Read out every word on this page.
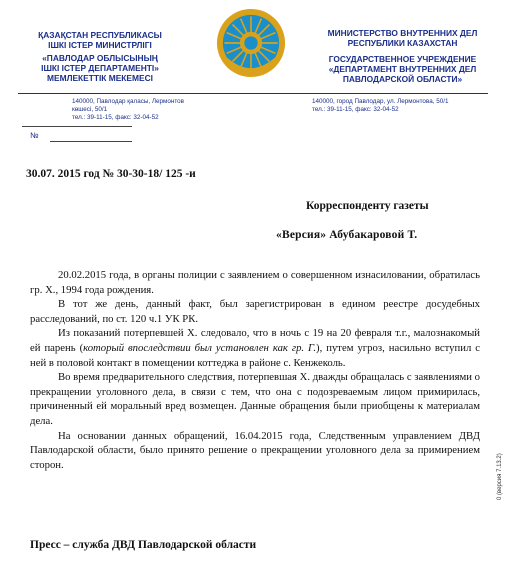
ҚАЗАҚСТАН РЕСПУБЛИКАСЫ
ІШКІ ІСТЕР МИНИСТРЛІГІ
«ПАВЛОДАР ОБЛЫСЫНЫҢ
ІШКІ ІСТЕР ДЕПАРТАМЕНТІ»
МЕМЛЕКЕТТІК МЕКЕМЕСІ
МИНИСТЕРСТВО ВНУТРЕННИХ ДЕЛ
РЕСПУБЛИКИ КАЗАХСТАН
ГОСУДАРСТВЕННОЕ УЧРЕЖДЕНИЕ
«ДЕПАРТАМЕНТ ВНУТРЕННИХ ДЕЛ
ПАВЛОДАРСКОЙ ОБЛАСТИ»
140000, Павлодар қаласы, Лермонтов көшесі, 50/1
тел.: 39-11-15, факс: 32-04-52
140000, город Павлодар, ул. Лермонтова, 50/1
тел.: 39-11-15, факс: 32-04-52
№
30.07. 2015 год № 30-30-18/ 125 -и
Корреспонденту газеты
«Версия» Абубакаровой Т.

20.02.2015 года, в органы полиции с заявлением о совершенном изнасиловании, обратилась гр. Х., 1994 года рождения.

В тот же день, данный факт, был зарегистрирован в едином реестре досудебных расследований, по ст. 120 ч.1 УК РК.

Из показаний потерпевшей Х. следовало, что в ночь с 19 на 20 февраля т.г., малознакомый ей парень (который впоследствии был установлен как гр. Г.), путем угроз, насильно вступил с ней в половой контакт в помещении коттеджа в районе с. Кенжеколь.

Во время предварительного следствия, потерпевшая Х. дважды обращалась с заявлениями о прекращении уголовного дела, в связи с тем, что она с подозреваемым лицом примирилась, причиненный ей моральный вред возмещен. Данные обращения были приобщены к материалам дела.

На основании данных обращений, 16.04.2015 года, Следственным управлением ДВД Павлодарской области, было принято решение о прекращении уголовного дела за примирением сторон.

Пресс – служба ДВД Павлодарской области
0 (версия 7.13.2)
